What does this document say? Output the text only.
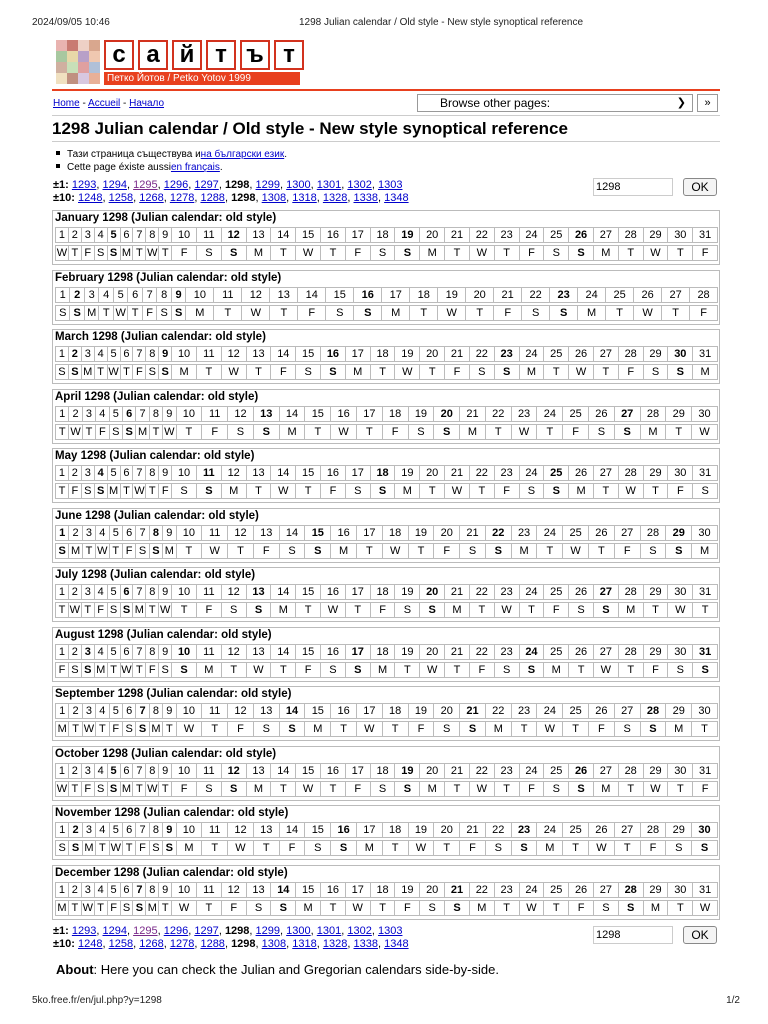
2024/09/05 10:46	1298 Julian calendar / Old style - New style synoptical reference
с а й т ъ т
Петко Йотов / Petko Yotov 1999
Home - Accueil - Начало	Browse other pages:	❯	»
1298 Julian calendar / Old style - New style synoptical reference
Тази страница съществува и на български език .
Cette page éxiste aussi en français .
±1: 1293, 1294, 1295, 1296, 1297, 1298, 1299, 1300, 1301, 1302, 1303
±10: 1248, 1258, 1268, 1278, 1288, 1298, 1308, 1318, 1328, 1338, 1348
1298	OK
January 1298 (Julian calendar: old style)
1 2 3 4 5 6 7 8 9 10	11	12	13	14	15	16	17	18	19	20	21	22	23	24	25	26	27	28	29	30	31
W T F S S M T W T	F	S	S	M	T	W	T	F	S	S	M	T	W	T	F	S	S	M	T	W	T	F
February 1298 (Julian calendar: old style)
1 2 3 4 5 6 7 8 9	10	11	12	13	14	15	16	17	18	19	20	21	22	23	24	25	26	27	28
S S M T W T F S S	M	T	W	T	F	S	S	M	T	W	T	F	S	S	M	T	W	T	F
March 1298 (Julian calendar: old style)
1 2 3 4 5 6 7 8 9 10	11	12	13	14	15	16	17	18	19	20	21	22	23	24	25	26	27	28	29	30	31
S S M T W T F S S M	T	W	T	F	S	S	M	T	W	T	F	S	S	M	T	W	T	F	S	S	M
April 1298 (Julian calendar: old style)
1 2 3 4 5 6 7 8 9 10	11	12	13	14	15	16	17	18	19	20	21	22	23	24	25	26	27	28	29	30
T W T F S S M T W	T	F	S	S	M	T	W	T	F	S	S	M	T	W	T	F	S	S	M	T	W
May 1298 (Julian calendar: old style)
1 2 3 4 5 6 7 8 9 10	11	12	13	14	15	16	17	18	19	20	21	22	23	24	25	26	27	28	29	30	31
T F S S M T W T F	S	S	M	T	W	T	F	S	S	M	T	W	T	F	S	S	M	T	W	T	F	S
June 1298 (Julian calendar: old style)
1 2 3 4 5 6 7 8 9 10	11	12	13	14	15	16	17	18	19	20	21	22	23	24	25	26	27	28	29	30
S M T W T F S S M	T	W	T	F	S	S	M	T	W	T	F	S	S	M	T	W	T	F	S	S	M
July 1298 (Julian calendar: old style)
1 2 3 4 5 6 7 8 9 10	11	12	13	14	15	16	17	18	19	20	21	22	23	24	25	26	27	28	29	30	31
T W T F S S M T W T	F	S	S	M	T	W	T	F	S	S	M	T	W	T	F	S	S	M	T	W	T
August 1298 (Julian calendar: old style)
1 2 3 4 5 6 7 8 9 10	11	12	13	14	15	16	17	18	19	20	21	22	23	24	25	26	27	28	29	30	31
F S S M T W T F S	S	M	T	W	T	F	S	S	M	T	W	T	F	S	S	M	T	W	T	F	S	S
September 1298 (Julian calendar: old style)
1 2 3 4 5 6 7 8 9 10	11	12	13	14	15	16	17	18	19	20	21	22	23	24	25	26	27	28	29	30
M T W T F S S M T	W	T	F	S	S	M	T	W	T	F	S	S	M	T	W	T	F	S	S	M	T
October 1298 (Julian calendar: old style)
1 2 3 4 5 6 7 8 9 10	11	12	13	14	15	16	17	18	19	20	21	22	23	24	25	26	27	28	29	30	31
W T F S S M T W T	F	S	S	M	T	W	T	F	S	S	M	T	W	T	F	S	S	M	T	W	T	F
November 1298 (Julian calendar: old style)
1 2 3 4 5 6 7 8 9 10	11	12	13	14	15	16	17	18	19	20	21	22	23	24	25	26	27	28	29	30
S S M T W T F S S	M	T	W	T	F	S	S	M	T	W	T	F	S	S	M	T	W	T	F	S	S
December 1298 (Julian calendar: old style)
1 2 3 4 5 6 7 8 9 10	11	12	13	14	15	16	17	18	19	20	21	22	23	24	25	26	27	28	29	30	31
M T W T F S S M T W	T	F	S	S	M	T	W	T	F	S	S	M	T	W	T	F	S	S	M	T	W
±1: 1293, 1294, 1295, 1296, 1297, 1298, 1299, 1300, 1301, 1302, 1303
±10: 1248, 1258, 1268, 1278, 1288, 1298, 1308, 1318, 1328, 1338, 1348
1298	OK
About: Here you can check the Julian and Gregorian calendars side-by-side.
5ko.free.fr/en/jul.php?y=1298	1/2
